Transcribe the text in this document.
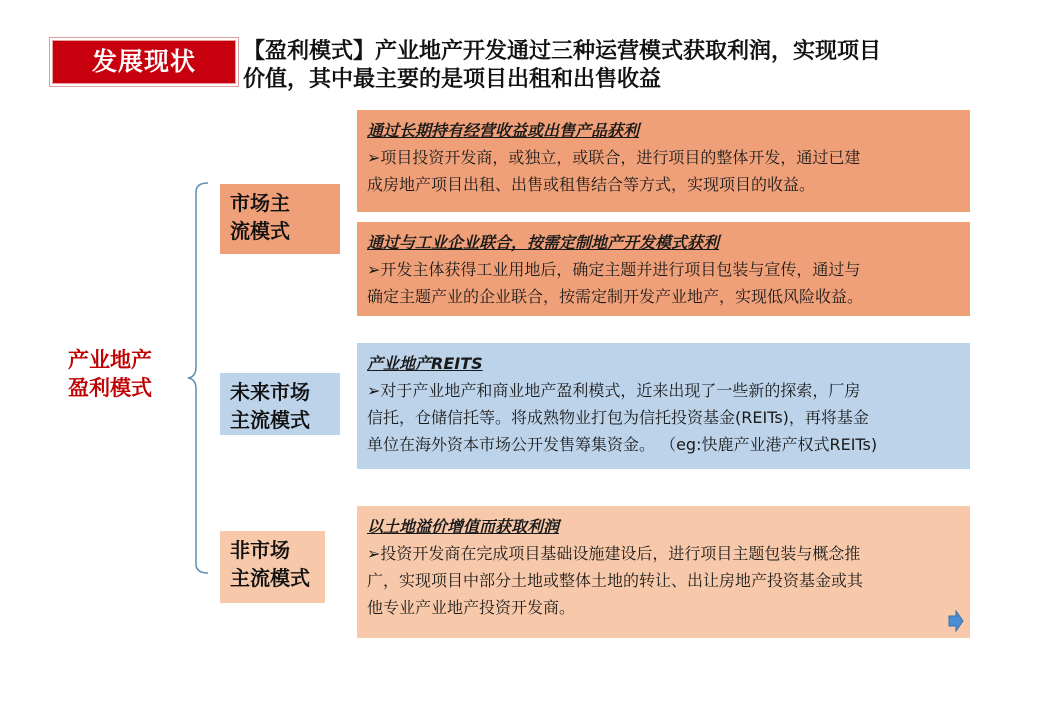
发展现状	【盈利模式】产业地产开发通过三种运营模式获取利润，实现项目
价值，其中最主要的是项目出租和出售收益
产业地产
盈利模式
市场主
流模式
未来市场
主流模式
非市场
主流模式
通过长期持有经营收益或出售产品获利
➢项目投资开发商，或独立，或联合，进行项目的整体开发，通过已建
成房地产项目出租、出售或租售结合等方式，实现项目的收益。
通过与工业企业联合，按需定制地产开发模式获利
➢开发主体获得工业用地后，确定主题并进行项目包装与宣传，通过与
确定主题产业的企业联合，按需定制开发产业地产，实现低风险收益。
产业地产REITS
➢对于产业地产和商业地产盈利模式，近来出现了一些新的探索，厂房
信托，仓储信托等。将成熟物业打包为信托投资基金(REITs)，再将基金
单位在海外资本市场公开发售筹集资金。 （eg:快鹿产业港产权式REITs)
以土地溢价增值而获取利润
➢投资开发商在完成项目基础设施建设后，进行项目主题包装与概念推
广，实现项目中部分土地或整体土地的转让、出让房地产投资基金或其
他专业产业地产投资开发商。
